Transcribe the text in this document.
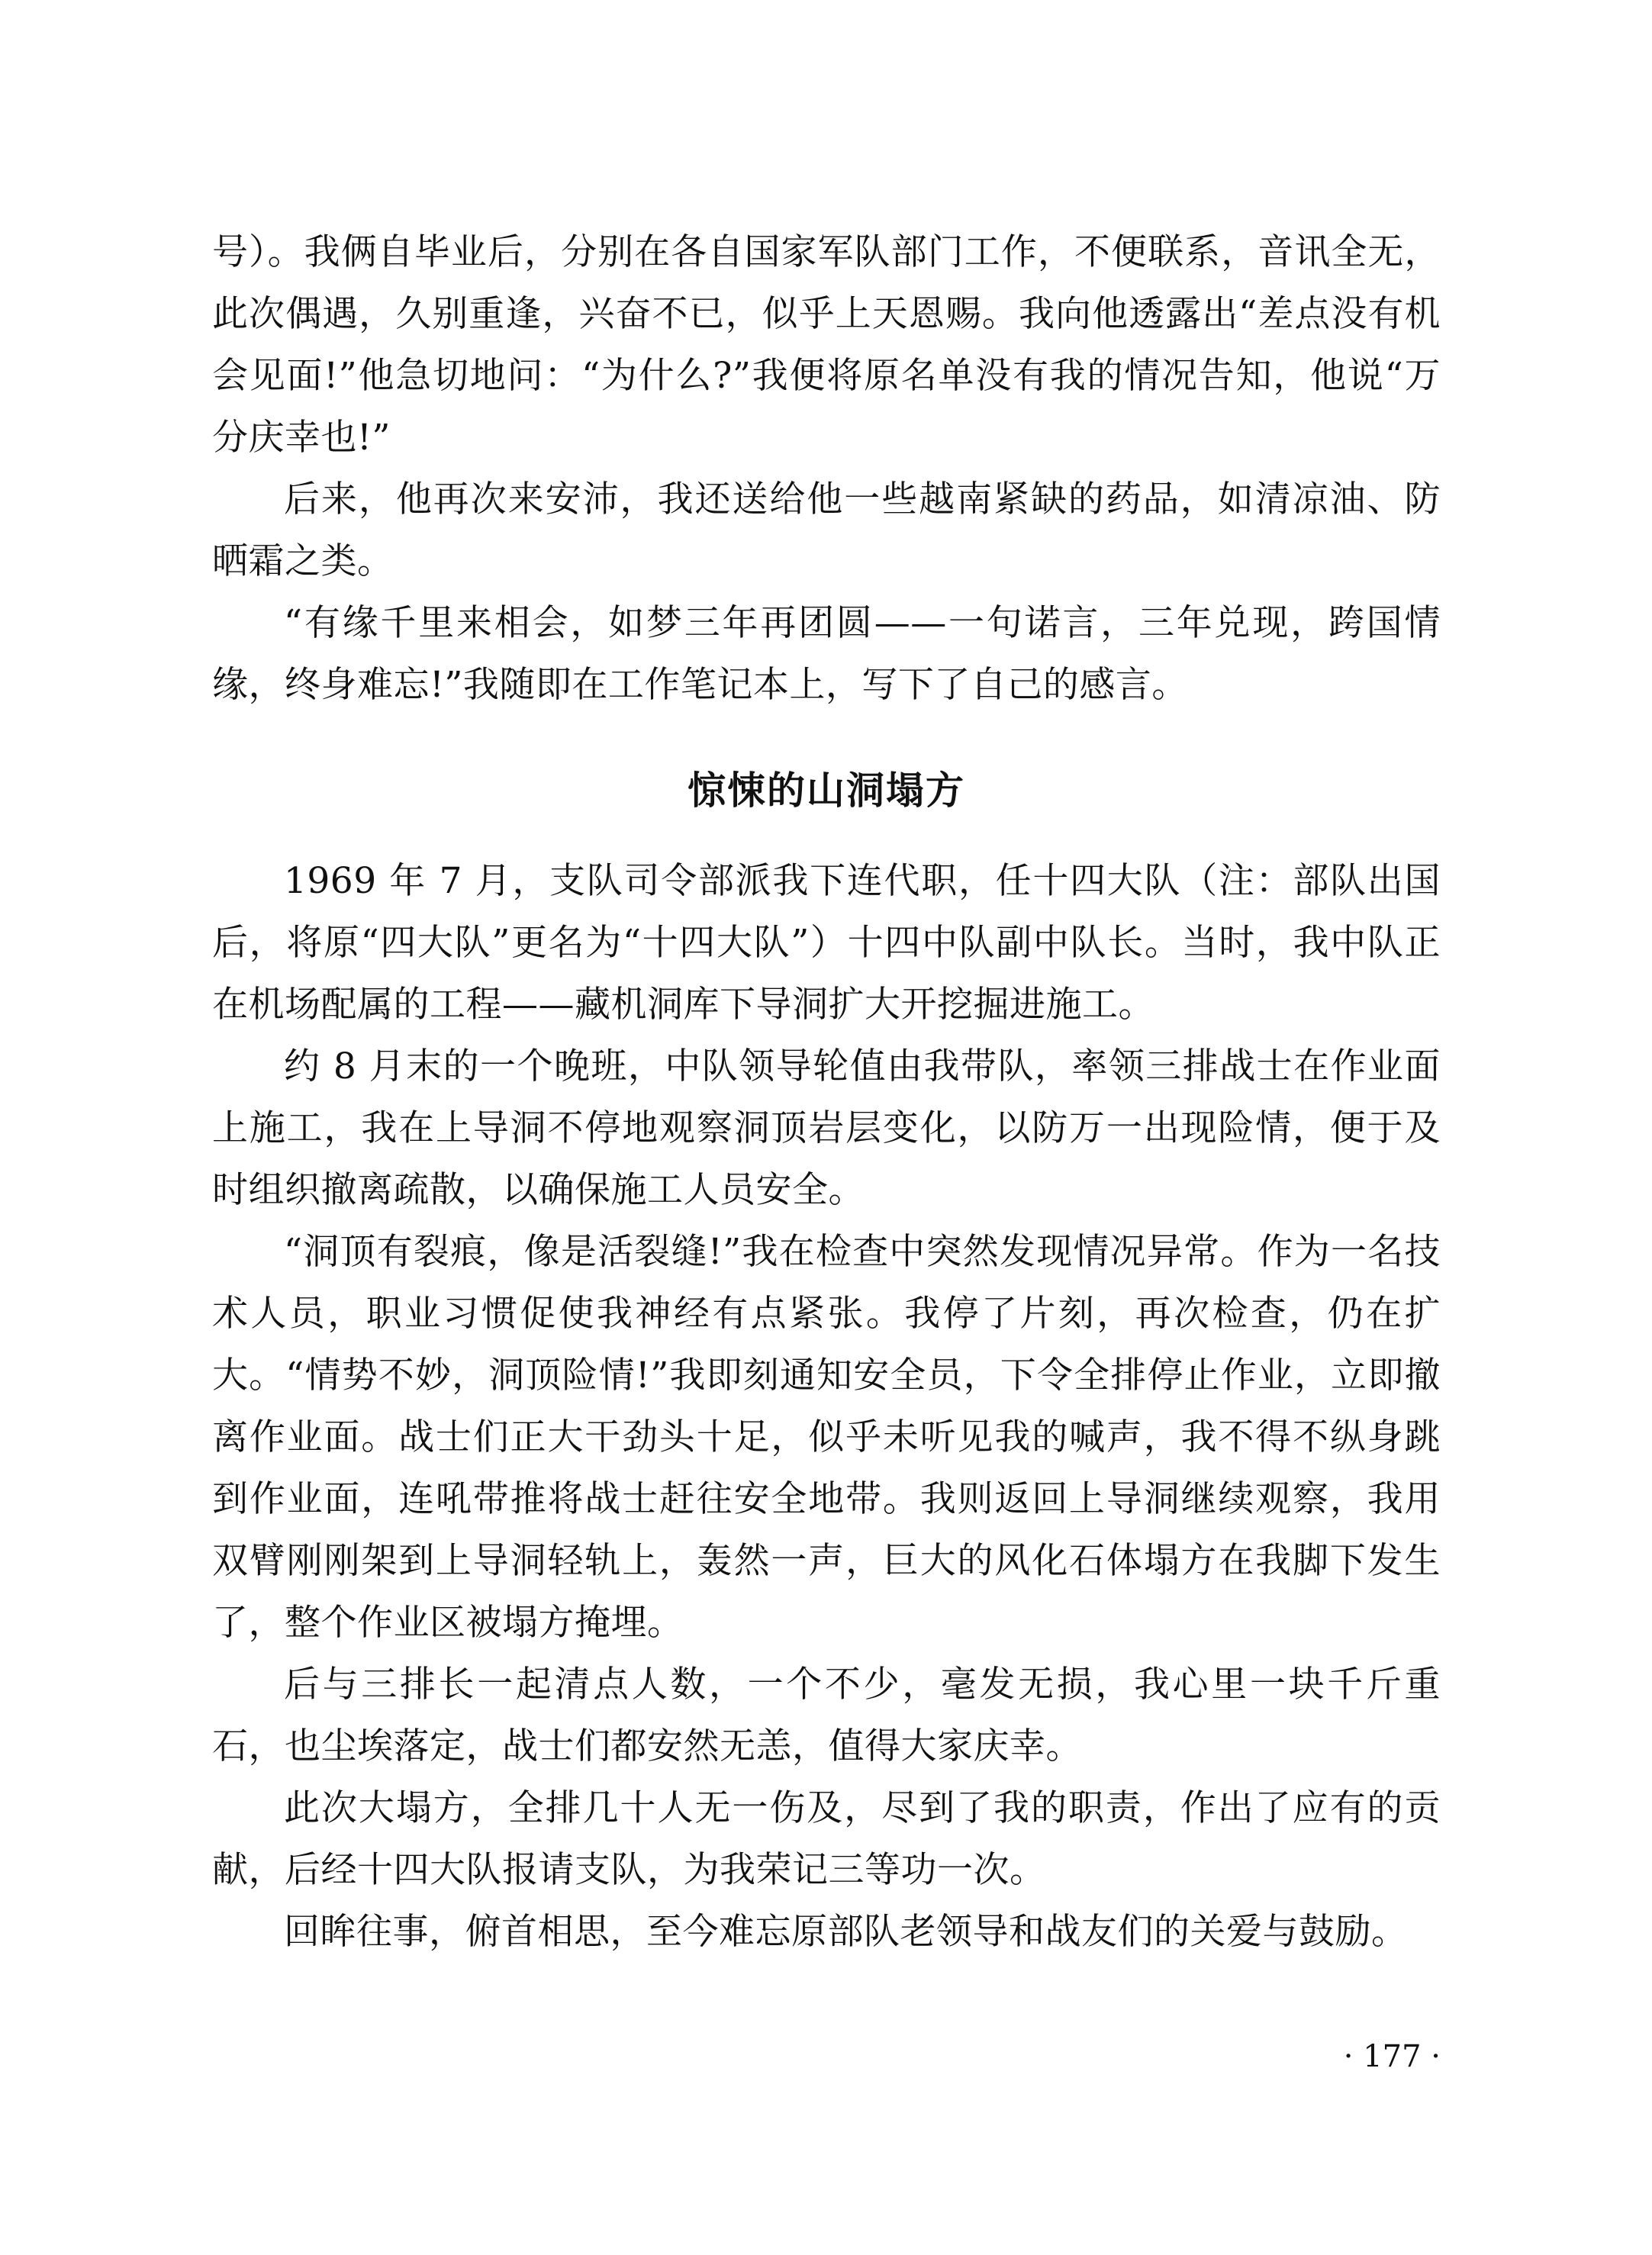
号）。我俩自毕业后，分别在各自国家军队部门工作，不便联系，音讯全无，此次偶遇，久别重逢，兴奋不已，似乎上天恩赐。我向他透露出“差点没有机会见面!”他急切地问：“为什么?”我便将原名单没有我的情况告知，他说“万分庆幸也!”

后来，他再次来安沛，我还送给他一些越南紧缺的药品，如清凉油、防晒霜之类。

“有缘千里来相会，如梦三年再团圆——一句诺言，三年兑现，跨国情缘，终身难忘!”我随即在工作笔记本上，写下了自己的感言。

惊悚的山洞塌方

1969 年 7 月，支队司令部派我下连代职，任十四大队（注：部队出国后，将原“四大队”更名为“十四大队”）十四中队副中队长。当时，我中队正在机场配属的工程——藏机洞库下导洞扩大开挖掘进施工。

约 8 月末的一个晚班，中队领导轮值由我带队，率领三排战士在作业面上施工，我在上导洞不停地观察洞顶岩层变化，以防万一出现险情，便于及时组织撤离疏散，以确保施工人员安全。

“洞顶有裂痕，像是活裂缝!”我在检查中突然发现情况异常。作为一名技术人员，职业习惯促使我神经有点紧张。我停了片刻，再次检查，仍在扩大。“情势不妙，洞顶险情!”我即刻通知安全员，下令全排停止作业，立即撤离作业面。战士们正大干劲头十足，似乎未听见我的喊声，我不得不纵身跳到作业面，连吼带推将战士赶往安全地带。我则返回上导洞继续观察，我用双臂刚刚架到上导洞轻轨上，轰然一声，巨大的风化石体塌方在我脚下发生了，整个作业区被塌方掩埋。

后与三排长一起清点人数，一个不少，毫发无损，我心里一块千斤重石，也尘埃落定，战士们都安然无恙，值得大家庆幸。

此次大塌方，全排几十人无一伤及，尽到了我的职责，作出了应有的贡献，后经十四大队报请支队，为我荣记三等功一次。

回眸往事，俯首相思，至今难忘原部队老领导和战友们的关爱与鼓励。

· 177 ·
